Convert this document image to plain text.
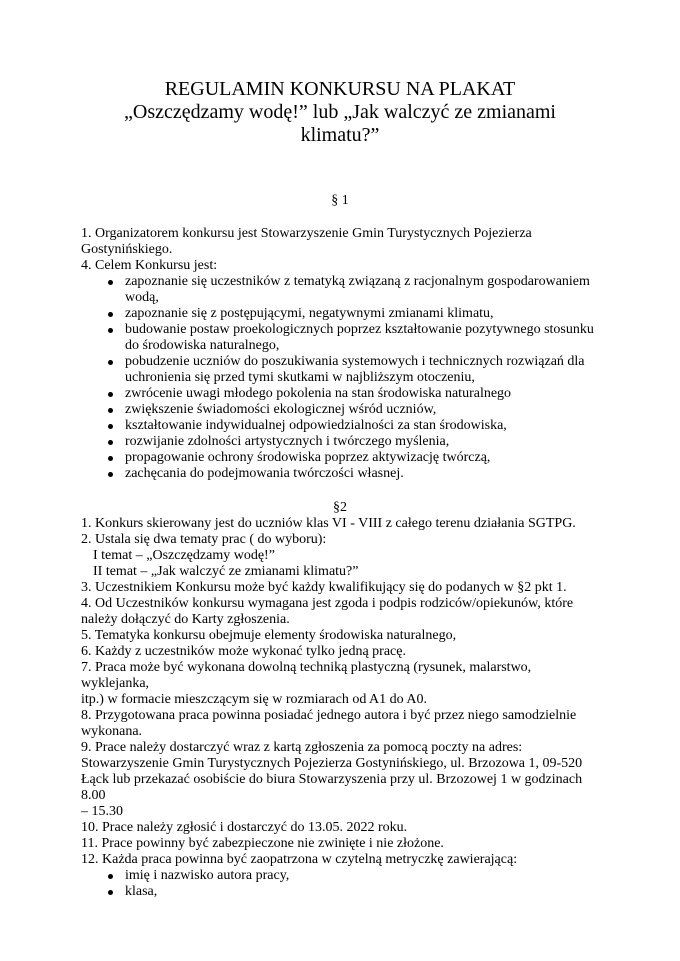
REGULAMIN KONKURSU NA PLAKAT
„Oszczędzamy wodę!” lub „Jak walczyć ze zmianami
klimatu?”
§ 1

1. Organizatorem konkursu jest Stowarzyszenie Gmin Turystycznych Pojezierza

Gostynińskiego.

4. Celem Konkursu jest:

zapoznanie się uczestników z tematyką związaną z racjonalnym gospodarowaniem
wodą,
zapoznanie się z postępującymi, negatywnymi zmianami klimatu,
budowanie postaw proekologicznych poprzez kształtowanie pozytywnego stosunku
do środowiska naturalnego,
pobudzenie uczniów do poszukiwania systemowych i technicznych rozwiązań dla
uchronienia się przed tymi skutkami w najbliższym otoczeniu,
zwrócenie uwagi młodego pokolenia na stan środowiska naturalnego
zwiększenie świadomości ekologicznej wśród uczniów,
kształtowanie indywidualnej odpowiedzialności za stan środowiska,
rozwijanie zdolności artystycznych i twórczego myślenia,
propagowanie ochrony środowiska poprzez aktywizację twórczą,
zachęcania do podejmowania twórczości własnej.
§2

1. Konkurs skierowany jest do uczniów klas VI - VIII z całego terenu działania SGTPG.

2. Ustala się dwa tematy prac ( do wyboru):

I temat – „Oszczędzamy wodę!”

II temat – „Jak walczyć ze zmianami klimatu?”

3. Uczestnikiem Konkursu może być każdy kwalifikujący się do podanych w §2 pkt 1.

4. Od Uczestników konkursu wymagana jest zgoda i podpis rodziców/opiekunów, które

należy dołączyć do Karty zgłoszenia.

5. Tematyka konkursu obejmuje elementy środowiska naturalnego,

6. Każdy z uczestników może wykonać tylko jedną pracę.

7. Praca może być wykonana dowolną techniką plastyczną (rysunek, malarstwo, wyklejanka,

itp.) w formacie mieszczącym się w rozmiarach od A1 do A0.

8. Przygotowana praca powinna posiadać jednego autora i być przez niego samodzielnie

wykonana.

9. Prace należy dostarczyć wraz z kartą zgłoszenia za pomocą poczty na adres:

Stowarzyszenie Gmin Turystycznych Pojezierza Gostynińskiego, ul. Brzozowa 1, 09-520

Łąck lub przekazać osobiście do biura Stowarzyszenia przy ul. Brzozowej 1 w godzinach 8.00

– 15.30

10. Prace należy zgłosić i dostarczyć do 13.05. 2022 roku.

11. Prace powinny być zabezpieczone nie zwinięte i nie złożone.

12. Każda praca powinna być zaopatrzona w czytelną metryczkę zawierającą:

imię i nazwisko autora pracy,
klasa,
